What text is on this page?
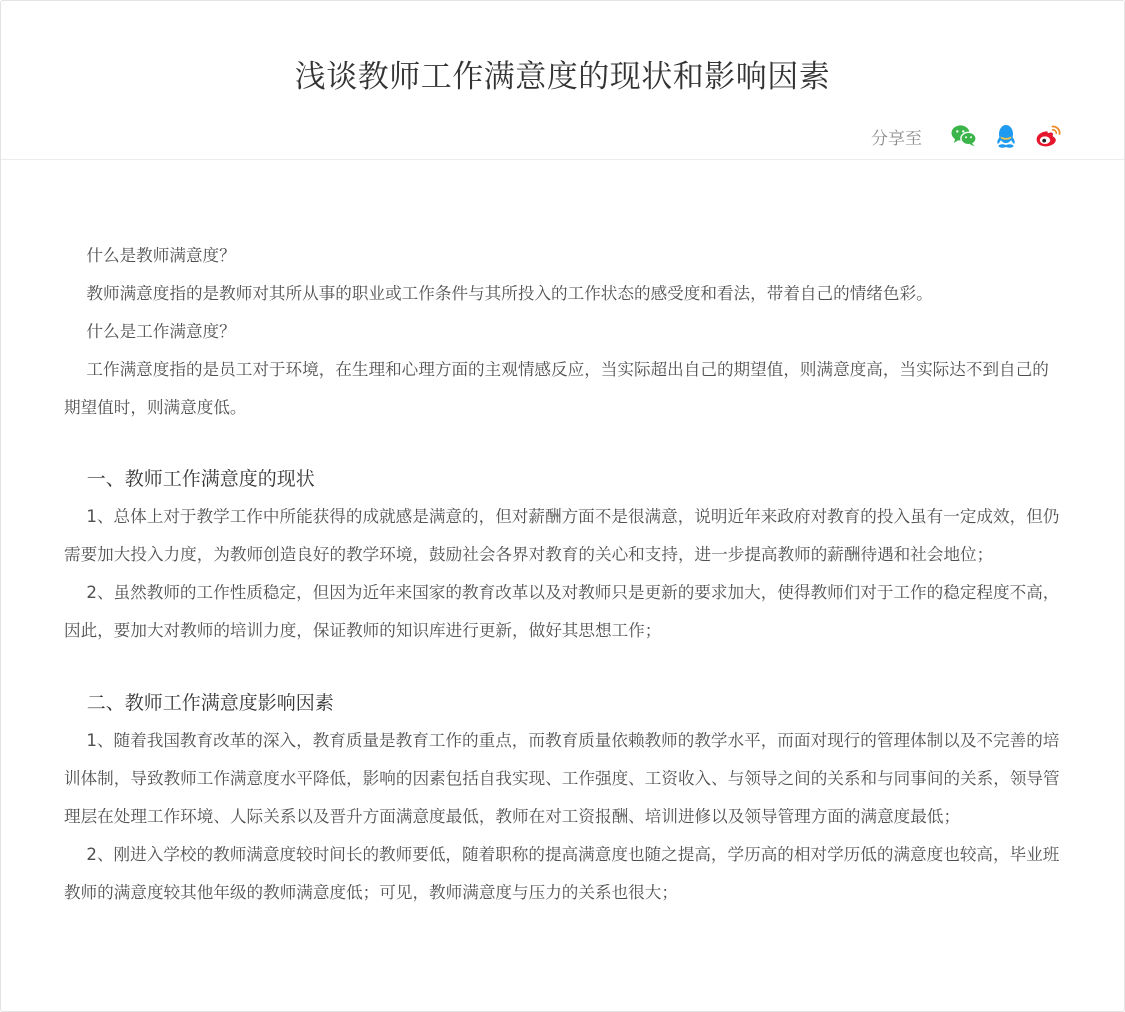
浅谈教师工作满意度的现状和影响因素
分享至

什么是教师满意度？

教师满意度指的是教师对其所从事的职业或工作条件与其所投入的工作状态的感受度和看法，带着自己的情绪色彩。

什么是工作满意度？

工作满意度指的是员工对于环境，在生理和心理方面的主观情感反应，当实际超出自己的期望值，则满意度高，当实际达不到自己的期望值时，则满意度低。

一、教师工作满意度的现状

1、总体上对于教学工作中所能获得的成就感是满意的，但对薪酬方面不是很满意，说明近年来政府对教育的投入虽有一定成效，但仍需要加大投入力度，为教师创造良好的教学环境，鼓励社会各界对教育的关心和支持，进一步提高教师的薪酬待遇和社会地位；

2、虽然教师的工作性质稳定，但因为近年来国家的教育改革以及对教师只是更新的要求加大，使得教师们对于工作的稳定程度不高，因此，要加大对教师的培训力度，保证教师的知识库进行更新，做好其思想工作；

二、教师工作满意度影响因素

1、随着我国教育改革的深入，教育质量是教育工作的重点，而教育质量依赖教师的教学水平，而面对现行的管理体制以及不完善的培训体制，导致教师工作满意度水平降低，影响的因素包括自我实现、工作强度、工资收入、与领导之间的关系和与同事间的关系，领导管理层在处理工作环境、人际关系以及晋升方面满意度最低，教师在对工资报酬、培训进修以及领导管理方面的满意度最低；

2、刚进入学校的教师满意度较时间长的教师要低，随着职称的提高满意度也随之提高，学历高的相对学历低的满意度也较高，毕业班教师的满意度较其他年级的教师满意度低；可见，教师满意度与压力的关系也很大；
